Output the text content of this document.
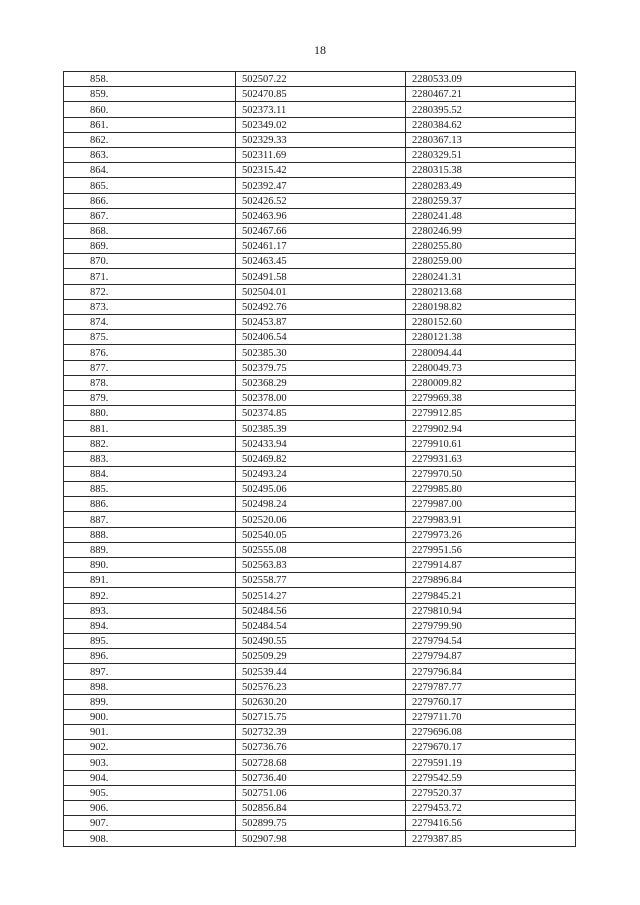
18
858.	502507.22	2280533.09
859.	502470.85	2280467.21
860.	502373.11	2280395.52
861.	502349.02	2280384.62
862.	502329.33	2280367.13
863.	502311.69	2280329.51
864.	502315.42	2280315.38
865.	502392.47	2280283.49
866.	502426.52	2280259.37
867.	502463.96	2280241.48
868.	502467.66	2280246.99
869.	502461.17	2280255.80
870.	502463.45	2280259.00
871.	502491.58	2280241.31
872.	502504.01	2280213.68
873.	502492.76	2280198.82
874.	502453.87	2280152.60
875.	502406.54	2280121.38
876.	502385.30	2280094.44
877.	502379.75	2280049.73
878.	502368.29	2280009.82
879.	502378.00	2279969.38
880.	502374.85	2279912.85
881.	502385.39	2279902.94
882.	502433.94	2279910.61
883.	502469.82	2279931.63
884.	502493.24	2279970.50
885.	502495.06	2279985.80
886.	502498.24	2279987.00
887.	502520.06	2279983.91
888.	502540.05	2279973.26
889.	502555.08	2279951.56
890.	502563.83	2279914.87
891.	502558.77	2279896.84
892.	502514.27	2279845.21
893.	502484.56	2279810.94
894.	502484.54	2279799.90
895.	502490.55	2279794.54
896.	502509.29	2279794.87
897.	502539.44	2279796.84
898.	502576.23	2279787.77
899.	502630.20	2279760.17
900.	502715.75	2279711.70
901.	502732.39	2279696.08
902.	502736.76	2279670.17
903.	502728.68	2279591.19
904.	502736.40	2279542.59
905.	502751.06	2279520.37
906.	502856.84	2279453.72
907.	502899.75	2279416.56
908.	502907.98	2279387.85
